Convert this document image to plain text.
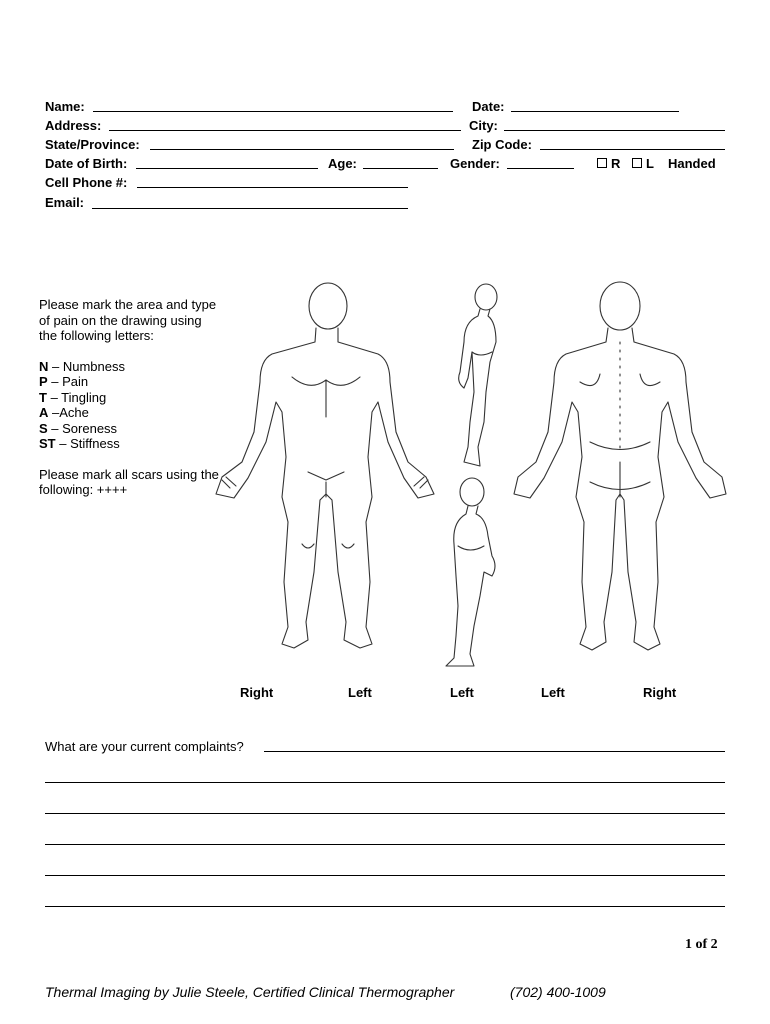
Name:	Date:
Address:	City:
State/Province:	Zip Code:
Date of Birth:	Age:	Gender:	R L Handed
Cell Phone #:
Email:

Please mark the area and type of pain on the drawing using the following letters:

N – Numbness

P – Pain

T – Tingling

A –Ache

S – Soreness

ST – Stiffness

Please mark all scars using the following: ++++

Right	Left	Left	Left	Right
What are your current complaints?
1 of 2
Thermal Imaging by Julie Steele, Certified Clinical Thermographer	(702) 400-1009
